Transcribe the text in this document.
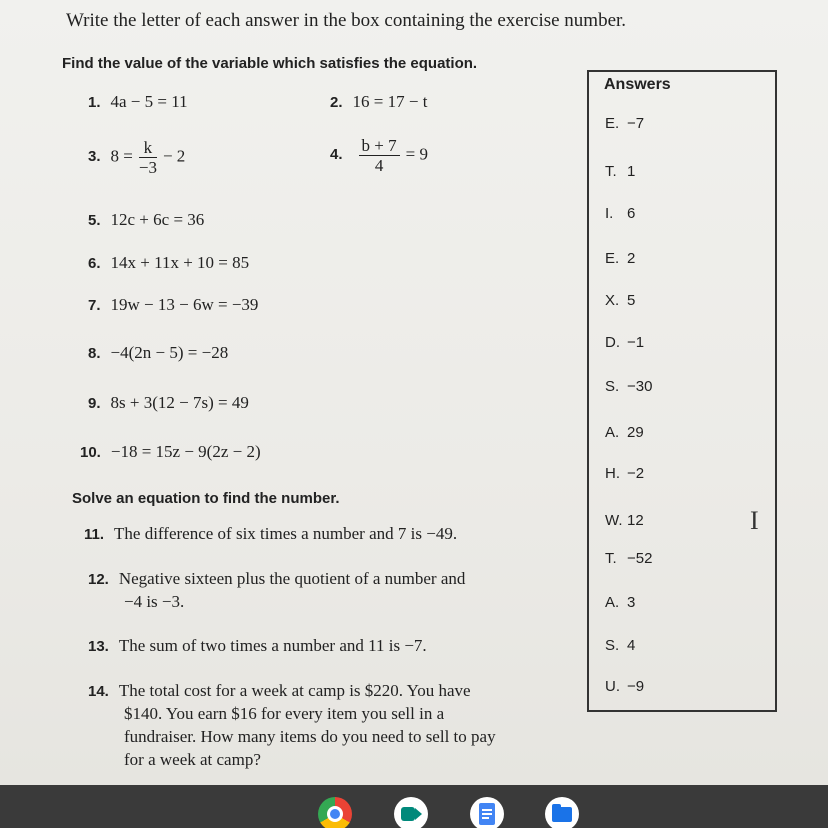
Write the letter of each answer in the box containing the exercise number.
Find the value of the variable which satisfies the equation.
1. 4a − 5 = 11	2. 16 = 17 − t
3. $8 = \frac{k}{-3} - 2$	4. $\frac{b + 7}{4} = 9$
5. 12c + 6c = 36
6. 14x + 11x + 10 = 85
7. 19w − 13 − 6w = −39
8. −4(2n − 5) = −28
9. 8s + 3(12 − 7s) = 49
10. −18 = 15z − 9(2z − 2)
Solve an equation to find the number.
11. The difference of six times a number and 7 is −49.
12. Negative sixteen plus the quotient of a number and
−4 is −3.
13. The sum of two times a number and 11 is −7.
14. The total cost for a week at camp is $220. You have
$140. You earn $16 for every item you sell in a
fundraiser. How many items do you need to sell to pay
for a week at camp?
Answers
E. −7
T. 1
I. 6
E. 2
X. 5
D. −1
S. −30
A. 29
H. −2
W. 12
T. −52
A. 3
S. 4
U. −9
I
